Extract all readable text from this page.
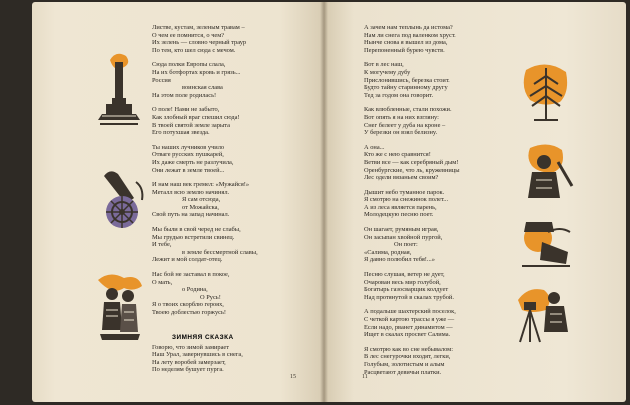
Листве, кустам, зеленым травам –
О чем ее помнится, о чем?
Их зелень — словно черный траур
По тем, кто шел сюда с мечом.
Сюда полки Европы слала,
На их ботфортах кровь и грязь...
Россия
воинская слава
На этом поле родилась!
О поле! Нами не забыто,
Как злобный враг спешил сюда!
В твоей святой земле зарыта
Его потухшая звезда.
Ты наших лучников учило
Отваге русских пушкарей,
Их даже смерть не разлучила,
Они лежат в земле твоей...
И нам наш век гремел: «Мужайся!»
Металл всю землю начинял.
Я сам отсюда,
от Можайска,
Свой путь на запад начинал.
Мы были в свой черед не слабы,
Мы грудью встретили свинец.
И тебе,
в земле бессмертной славы,
Лежит и мой солдат-отец.
Нас бой не заставал в покое,
О мать,
о Родина,
О Русь!
Я о твоих скорблю героях,
Твоею доблестью горжусь!
Говорю, что зимой замирает
Наш Урал, завернувшись в снега,
На лету воробей замерзает,
По неделям бушует пурга.
15
ЗИМНЯЯ СКАЗКА
А зачем нам теплынь да истома?
Нам ли снега под валенком хруст.
Нынче снова я вышел из дома,
Перепоненный бурею чувств.
Вот в лес наш,
К могучему дубу
Прислонившись, березка стоит.
Будто тайну старинному другу
Тед за годом она говорит.
Как влюбленные, стали похожи.
Вот опять я на них взгляну:
Снег белеет у дуба на кроне –
У березки он взял белизну.
А она...
Кто же с нею сравнится!
Ветви все — как серебряный дым!
Оренбургские, что ль, кружевницы
Лес одели вязаньем своим?
Дышит небо туманное парок.
Я смотрю на снежинок полет...
А из леса является парень,
Молодецкую песню поет.
Он шагает, румяным играя,
Он засыпан хвойной пургой,
Он поет:
«Салима, родная,
Я давно полюбил тебя!...»
Песню слушая, ветер не дует,
Очарован весь мир голубой,
Богатырь газосварщик колдует
Над протянутой в скалах трубой.
А подальше шахтерский поселок,
С четкой картою трассы я уже —
Если надо, рванет динамитом —
Ищет в скалах просвет Салима.
Я смотрю как во сне небывалом:
В лес снегурочки входят, легки,
Голубым, золотистым и алым
Расцветают девичьи платки.
11
